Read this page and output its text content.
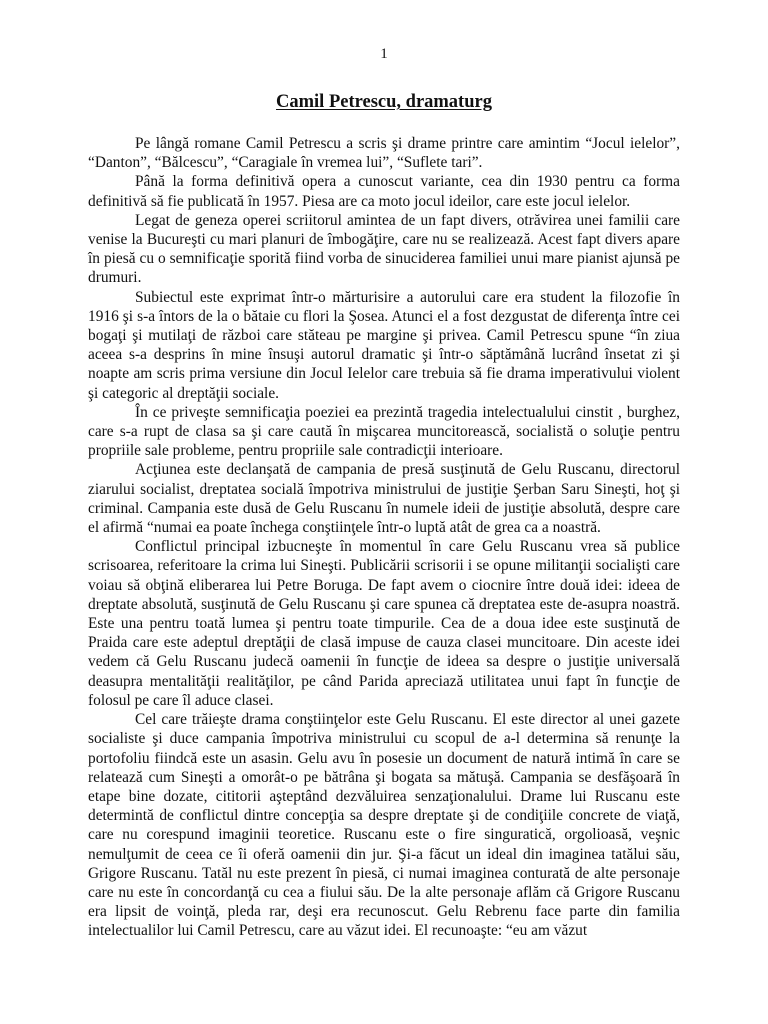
1
Camil Petrescu, dramaturg

Pe lângă romane Camil Petrescu a scris şi drame printre care amintim “Jocul ielelor”, “Danton”, “Bălcescu”, “Caragiale în vremea lui”, “Suflete tari”.

Până la forma definitivă opera a cunoscut variante, cea din 1930 pentru ca forma definitivă să fie publicată în 1957. Piesa are ca moto jocul ideilor, care este jocul ielelor.

Legat de geneza operei scriitorul amintea de un fapt divers, otrăvirea unei familii care venise la Bucureşti cu mari planuri de îmbogăţire, care nu se realizează. Acest fapt divers apare în piesă cu o semnificaţie sporită fiind vorba de sinuciderea familiei unui mare pianist ajunsă pe drumuri.

Subiectul este exprimat într-o mărturisire a autorului care era student la filozofie în 1916 şi s-a întors de la o bătaie cu flori la Şosea. Atunci el a fost dezgustat de diferenţa între cei bogaţi şi mutilaţi de război care stăteau pe margine şi privea. Camil Petrescu spune “în ziua aceea s-a desprins în mine însuşi autorul dramatic şi într-o săptămână lucrând însetat zi şi noapte am scris prima versiune din Jocul Ielelor care trebuia să fie drama imperativului violent şi categoric al dreptăţii sociale.

În ce priveşte semnificaţia poeziei ea prezintă tragedia intelectualului cinstit , burghez, care s-a rupt de clasa sa şi care caută în mişcarea muncitorească, socialistă o soluţie pentru propriile sale probleme, pentru propriile sale contradicţii interioare.

Acţiunea este declanşată de campania de presă susţinută de Gelu Ruscanu, directorul ziarului socialist, dreptatea socială împotriva ministrului de justiţie Şerban Saru Sineşti, hoţ şi criminal. Campania este dusă de Gelu Ruscanu în numele ideii de justiţie absolută, despre care el afirmă “numai ea poate închega conştiinţele într-o luptă atât de grea ca a noastră.

Conflictul principal izbucneşte în momentul în care Gelu Ruscanu vrea să publice scrisoarea, referitoare la crima lui Sineşti. Publicării scrisorii i se opune militanţii socialişti care voiau să obţină eliberarea lui Petre Boruga. De fapt avem o ciocnire între două idei: ideea de dreptate absolută, susţinută de Gelu Ruscanu şi care spunea că dreptatea este de-asupra noastră. Este una pentru toată lumea şi pentru toate timpurile. Cea de a doua idee este susţinută de Praida care este adeptul dreptăţii de clasă impuse de cauza clasei muncitoare. Din aceste idei vedem că Gelu Ruscanu judecă oamenii în funcţie de ideea sa despre o justiţie universală deasupra mentalităţii realităţilor, pe când Parida apreciază utilitatea unui fapt în funcţie de folosul pe care îl aduce clasei.

Cel care trăieşte drama conştiinţelor este Gelu Ruscanu. El este director al unei gazete socialiste şi duce campania împotriva ministrului cu scopul de a-l determina să renunţe la portofoliu fiindcă este un asasin. Gelu avu în posesie un document de natură intimă în care se relatează cum Sineşti a omorât-o pe bătrâna şi bogata sa mătuşă. Campania se desfăşoară în etape bine dozate, cititorii aşteptând dezvăluirea senzaţionalului. Drame lui Ruscanu este determintă de conflictul dintre concepţia sa despre dreptate şi de condiţiile concrete de viaţă, care nu corespund imaginii teoretice. Ruscanu este o fire singuratică, orgolioasă, veşnic nemulţumit de ceea ce îi oferă oamenii din jur. Şi-a făcut un ideal din imaginea tatălui său, Grigore Ruscanu. Tatăl nu este prezent în piesă, ci numai imaginea conturată de alte personaje care nu este în concordanţă cu cea a fiului său. De la alte personaje aflăm că Grigore Ruscanu era lipsit de voinţă, pleda rar, deşi era recunoscut. Gelu Rebrenu face parte din familia intelectualilor lui Camil Petrescu, care au văzut idei. El recunoaşte: “eu am văzut
